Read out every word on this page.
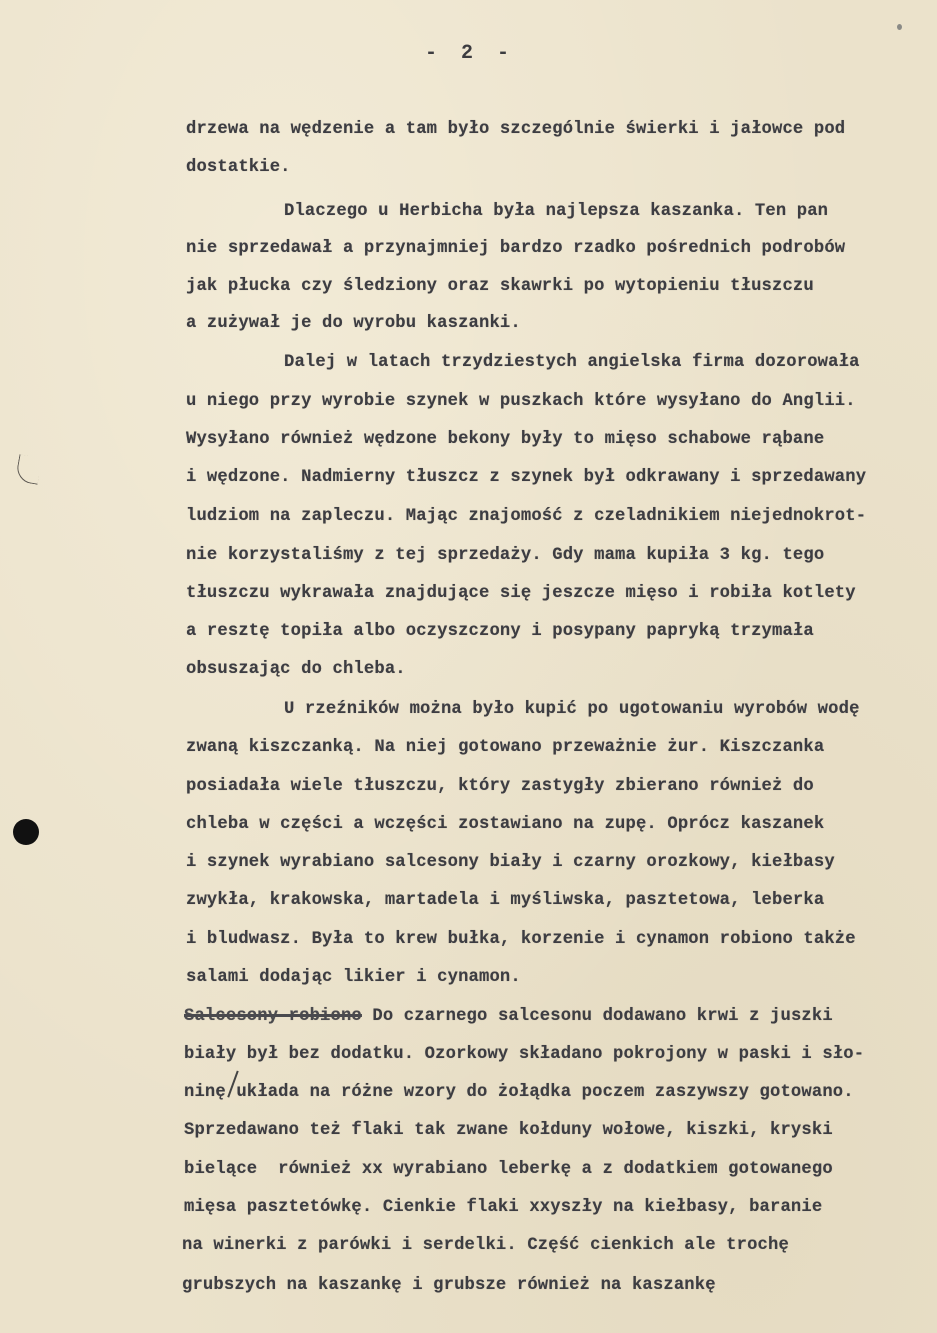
- 2 -
drzewa na wędzenie a tam było szczególnie świerki i jałowce pod
dostatkie.
Dlaczego u Herbicha była najlepsza kaszanka. Ten pan
nie sprzedawał a przynajmniej bardzo rzadko pośrednich podrobów
jak płucka czy śledziony oraz skawrki po wytopieniu tłuszczu
a zużywał je do wyrobu kaszanki.
Dalej w latach trzydziestych angielska firma dozorowała
u niego przy wyrobie szynek w puszkach które wysyłano do Anglii.
Wysyłano również wędzone bekony były to mięso schabowe rąbane
i wędzone. Nadmierny tłuszcz z szynek był odkrawany i sprzedawany
ludziom na zapleczu. Mając znajomość z czeladnikiem niejednokrot-
nie korzystaliśmy z tej sprzedaży. Gdy mama kupiła 3 kg. tego
tłuszczu wykrawała znajdujące się jeszcze mięso i robiła kotlety
a resztę topiła albo oczyszczony i posypany papryką trzymała
obsuszając do chleba.
U rzeźników można było kupić po ugotowaniu wyrobów wodę
zwaną kiszczanką. Na niej gotowano przeważnie żur. Kiszczanka
posiadała wiele tłuszczu, który zastygły zbierano również do
chleba w części a wczęści zostawiano na zupę. Oprócz kaszanek
i szynek wyrabiano salcesony biały i czarny orozkowy, kiełbasy
zwykła, krakowska, martadela i myśliwska, pasztetowa, leberka
i bludwasz. Była to krew bułka, korzenie i cynamon robiono także
salami dodając likier i cynamon.
Salcesony robiono Do czarnego salcesonu dodawano krwi z juszki
biały był bez dodatku. Ozorkowy składano pokrojony w paski i sło-
ninę układa na różne wzory do żołądka poczem zaszywszy gotowano.
Sprzedawano też flaki tak zwane kołduny wołowe, kiszki, kryski
bielące  również xx wyrabiano leberkę a z dodatkiem gotowanego
mięsa pasztetówkę. Cienkie flaki xxyszły na kiełbasy, baranie
na winerki z parówki i serdelki. Część cienkich ale trochę
grubszych na kaszankę i grubsze również na kaszankę
